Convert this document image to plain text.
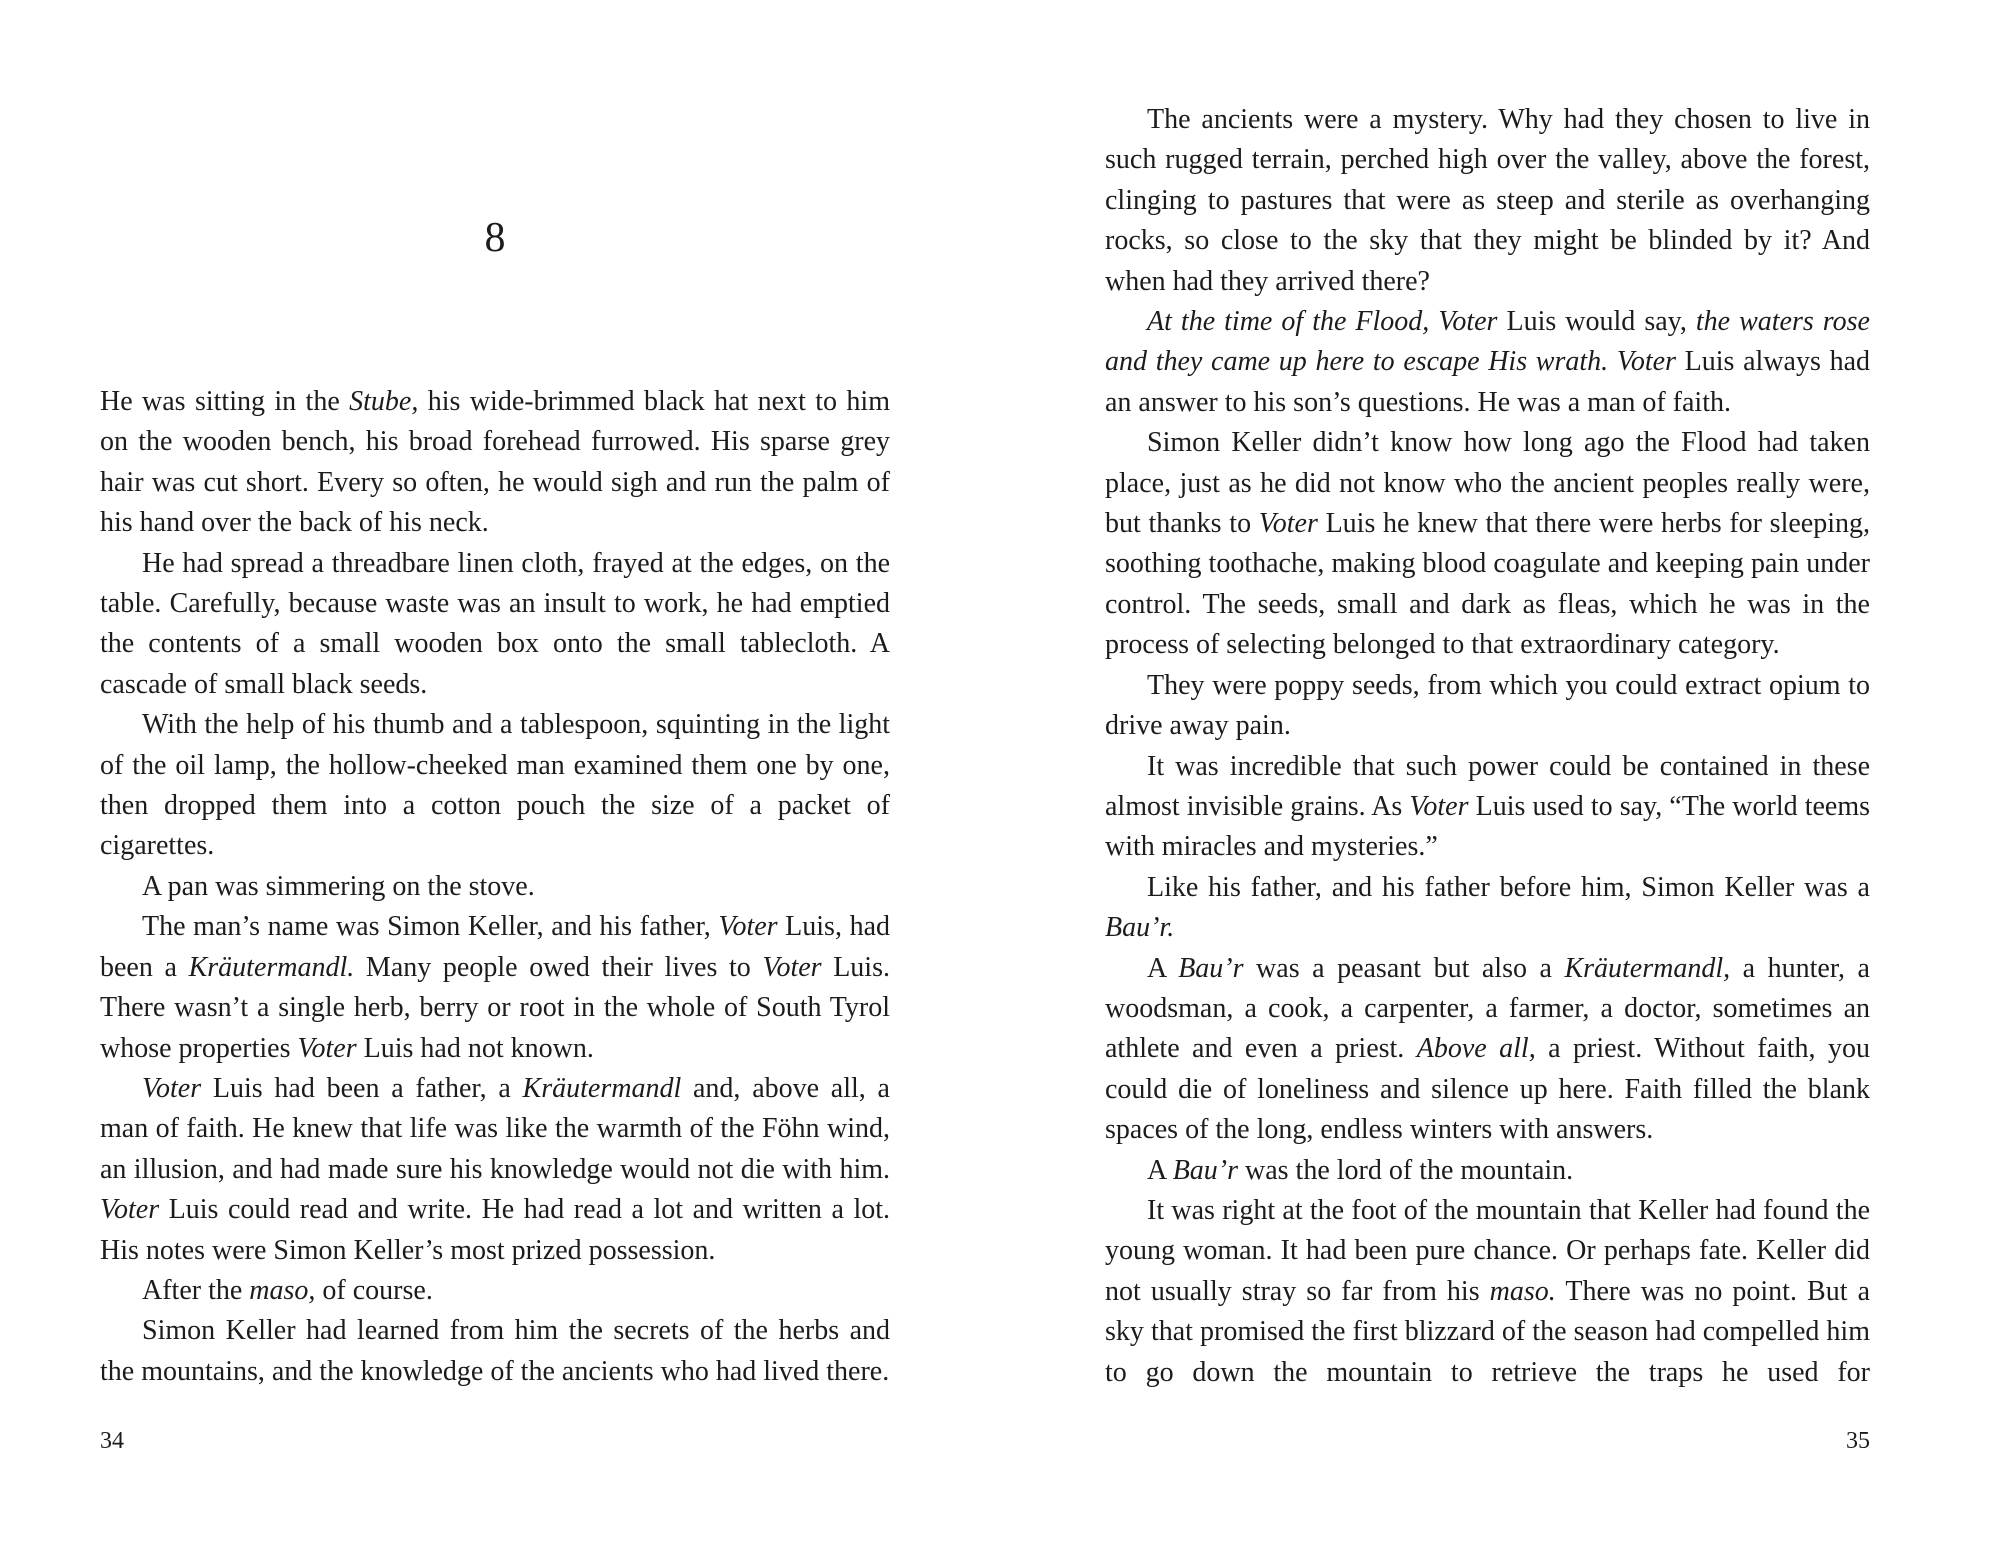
8

He was sitting in the Stube, his wide-brimmed black hat next to him on the wooden bench, his broad forehead furrowed. His sparse grey hair was cut short. Every so often, he would sigh and run the palm of his hand over the back of his neck.

He had spread a threadbare linen cloth, frayed at the edges, on the table. Carefully, because waste was an insult to work, he had emptied the contents of a small wooden box onto the small tablecloth. A cascade of small black seeds.

With the help of his thumb and a tablespoon, squinting in the light of the oil lamp, the hollow-cheeked man examined them one by one, then dropped them into a cotton pouch the size of a packet of cigarettes.

A pan was simmering on the stove.

The man’s name was Simon Keller, and his father, Voter Luis, had been a Kräutermandl. Many people owed their lives to Voter Luis. There wasn’t a single herb, berry or root in the whole of South Tyrol whose properties Voter Luis had not known.

Voter Luis had been a father, a Kräutermandl and, above all, a man of faith. He knew that life was like the warmth of the Föhn wind, an illusion, and had made sure his knowledge would not die with him. Voter Luis could read and write. He had read a lot and written a lot. His notes were Simon Keller’s most prized possession.

After the maso, of course.

Simon Keller had learned from him the secrets of the herbs and the mountains, and the knowledge of the ancients who had lived there.

34

The ancients were a mystery. Why had they chosen to live in such rugged terrain, perched high over the valley, above the forest, clinging to pastures that were as steep and sterile as overhanging rocks, so close to the sky that they might be blinded by it? And when had they arrived there?

At the time of the Flood, Voter Luis would say, the waters rose and they came up here to escape His wrath. Voter Luis always had an answer to his son’s questions. He was a man of faith.

Simon Keller didn’t know how long ago the Flood had taken place, just as he did not know who the ancient peoples really were, but thanks to Voter Luis he knew that there were herbs for sleeping, soothing toothache, making blood coagulate and keeping pain under control. The seeds, small and dark as fleas, which he was in the process of selecting belonged to that extraordinary category.

They were poppy seeds, from which you could extract opium to drive away pain.

It was incredible that such power could be contained in these almost invisible grains. As Voter Luis used to say, “The world teems with miracles and mysteries.”

Like his father, and his father before him, Simon Keller was a Bau’r.

A Bau’r was a peasant but also a Kräutermandl, a hunter, a woodsman, a cook, a carpenter, a farmer, a doctor, sometimes an athlete and even a priest. Above all, a priest. Without faith, you could die of loneliness and silence up here. Faith filled the blank spaces of the long, endless winters with answers.

A Bau’r was the lord of the mountain.

It was right at the foot of the mountain that Keller had found the young woman. It had been pure chance. Or perhaps fate. Keller did not usually stray so far from his maso. There was no point. But a sky that promised the first blizzard of the season had compelled him to go down the mountain to retrieve the traps he used for

35
